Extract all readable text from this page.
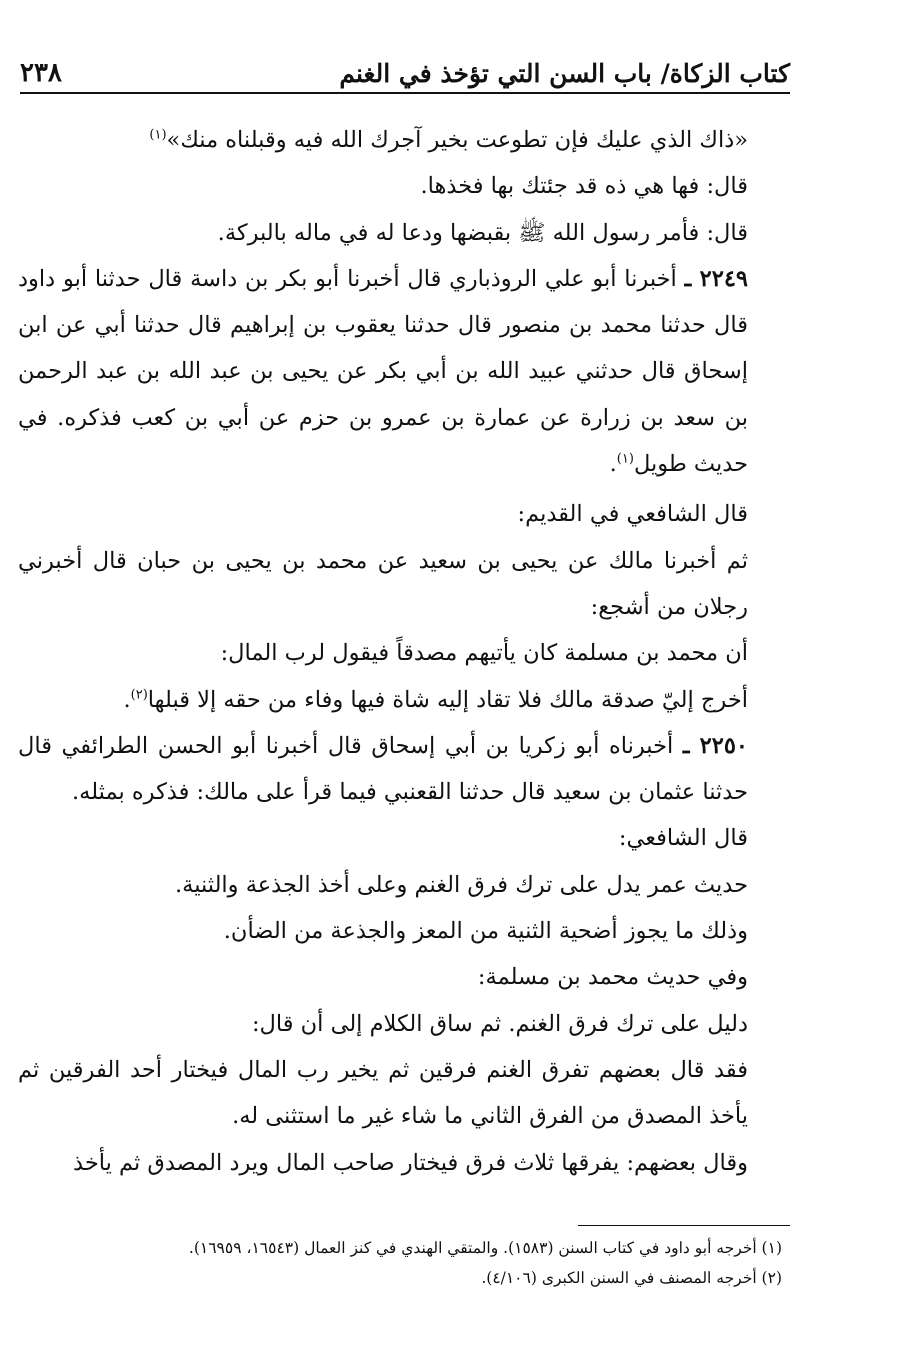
كتاب الزكاة/ باب السن التي تؤخذ في الغنم
٢٣٨

«ذاك الذي عليك فإن تطوعت بخير آجرك الله فيه وقبلناه منك»$^{(١)}$

قال: فها هي ذه قد جئتك بها فخذها.

قال: فأمر رسول الله ﷺ بقبضها ودعا له في ماله بالبركة.

٢٢٤٩ ـ أخبرنا أبو علي الروذباري قال أخبرنا أبو بكر بن داسة قال حدثنا أبو داود قال حدثنا محمد بن منصور قال حدثنا يعقوب بن إبراهيم قال حدثنا أبي عن ابن إسحاق قال حدثني عبيد الله بن أبي بكر عن يحيى بن عبد الله بن عبد الرحمن بن سعد بن زرارة عن عمارة بن عمرو بن حزم عن أبي بن كعب فذكره. في حديث طويل$^{(١)}$.

قال الشافعي في القديم:

ثم أخبرنا مالك عن يحيى بن سعيد عن محمد بن يحيى بن حبان قال أخبرني رجلان من أشجع:

أن محمد بن مسلمة كان يأتيهم مصدقاً فيقول لرب المال:

أخرج إليّ صدقة مالك فلا تقاد إليه شاة فيها وفاء من حقه إلا قبلها$^{(٢)}$.

٢٢٥٠ ـ أخبرناه أبو زكريا بن أبي إسحاق قال أخبرنا أبو الحسن الطرائفي قال حدثنا عثمان بن سعيد قال حدثنا القعنبي فيما قرأ على مالك: فذكره بمثله.

قال الشافعي:

حديث عمر يدل على ترك فرق الغنم وعلى أخذ الجذعة والثنية.

وذلك ما يجوز أضحية الثنية من المعز والجذعة من الضأن.

وفي حديث محمد بن مسلمة:

دليل على ترك فرق الغنم. ثم ساق الكلام إلى أن قال:

فقد قال بعضهم تفرق الغنم فرقين ثم يخير رب المال فيختار أحد الفرقين ثم يأخذ المصدق من الفرق الثاني ما شاء غير ما استثنى له.

وقال بعضهم: يفرقها ثلاث فرق فيختار صاحب المال ويرد المصدق ثم يأخذ

(١) أخرجه أبو داود في كتاب السنن (١٥٨٣). والمتقي الهندي في كنز العمال (١٦٥٤٣، ١٦٩٥٩).

(٢) أخرجه المصنف في السنن الكبرى (٤/١٠٦).
